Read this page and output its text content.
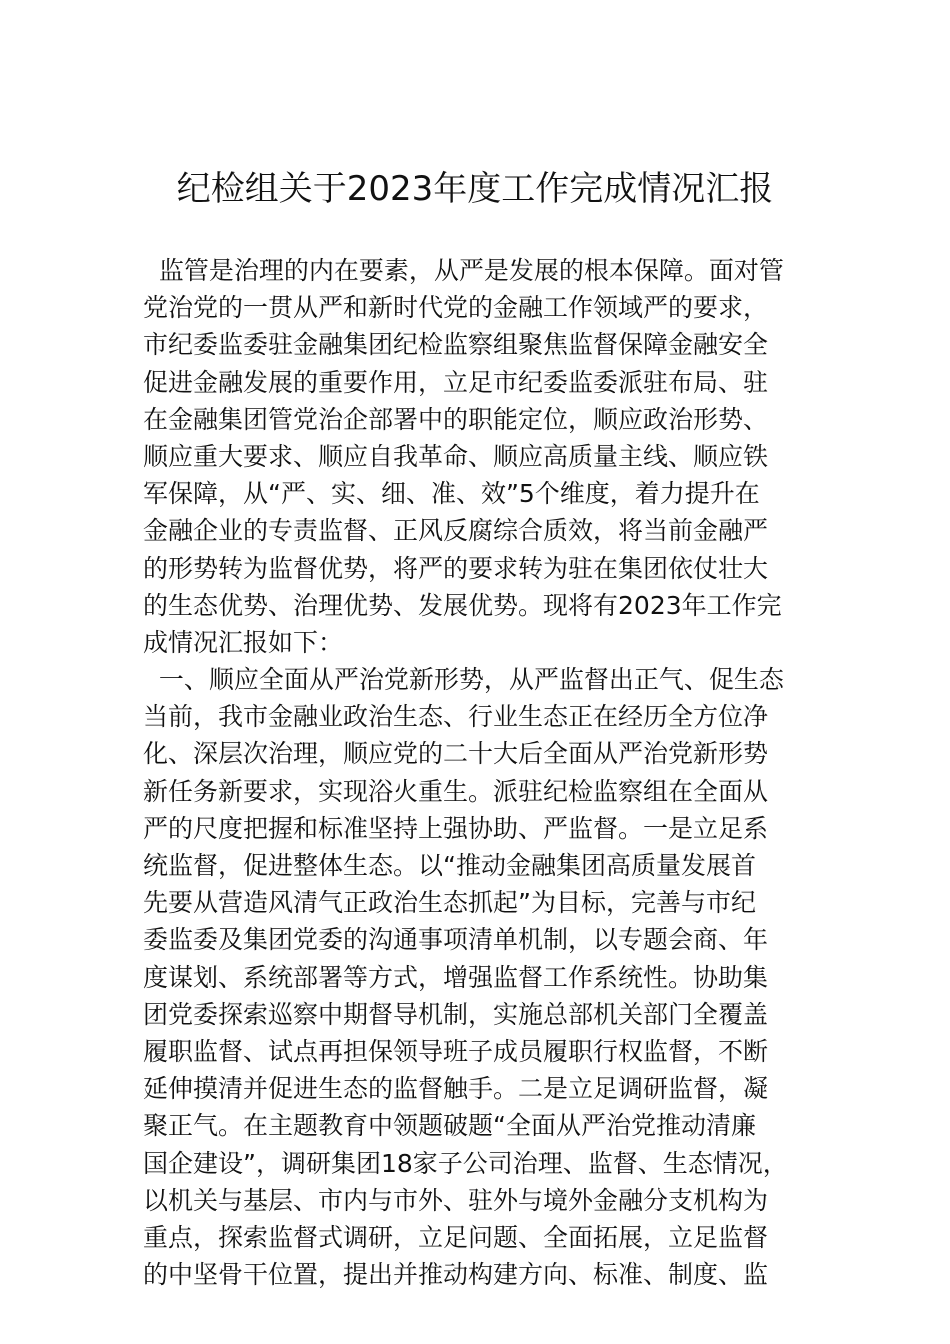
纪检组关于2023年度工作完成情况汇报
监管是治理的内在要素，从严是发展的根本保障。面对管
党治党的一贯从严和新时代党的金融工作领域严的要求，
市纪委监委驻金融集团纪检监察组聚焦监督保障金融安全
促进金融发展的重要作用，立足市纪委监委派驻布局、驻
在金融集团管党治企部署中的职能定位，顺应政治形势、
顺应重大要求、顺应自我革命、顺应高质量主线、顺应铁
军保障，从“严、实、细、准、效”5个维度，着力提升在
金融企业的专责监督、正风反腐综合质效，将当前金融严
的形势转为监督优势，将严的要求转为驻在集团依仗壮大
的生态优势、治理优势、发展优势。现将有2023年工作完
成情况汇报如下：
一、顺应全面从严治党新形势，从严监督出正气、促生态
当前，我市金融业政治生态、行业生态正在经历全方位净
化、深层次治理，顺应党的二十大后全面从严治党新形势
新任务新要求，实现浴火重生。派驻纪检监察组在全面从
严的尺度把握和标准坚持上强协助、严监督。一是立足系
统监督，促进整体生态。以“推动金融集团高质量发展首
先要从营造风清气正政治生态抓起”为目标，完善与市纪
委监委及集团党委的沟通事项清单机制，以专题会商、年
度谋划、系统部署等方式，增强监督工作系统性。协助集
团党委探索巡察中期督导机制，实施总部机关部门全覆盖
履职监督、试点再担保领导班子成员履职行权监督，不断
延伸摸清并促进生态的监督触手。二是立足调研监督，凝
聚正气。在主题教育中领题破题“全面从严治党推动清廉
国企建设”，调研集团18家子公司治理、监督、生态情况，
以机关与基层、市内与市外、驻外与境外金融分支机构为
重点，探索监督式调研，立足问题、全面拓展，立足监督
的中坚骨干位置，提出并推动构建方向、标准、制度、监
